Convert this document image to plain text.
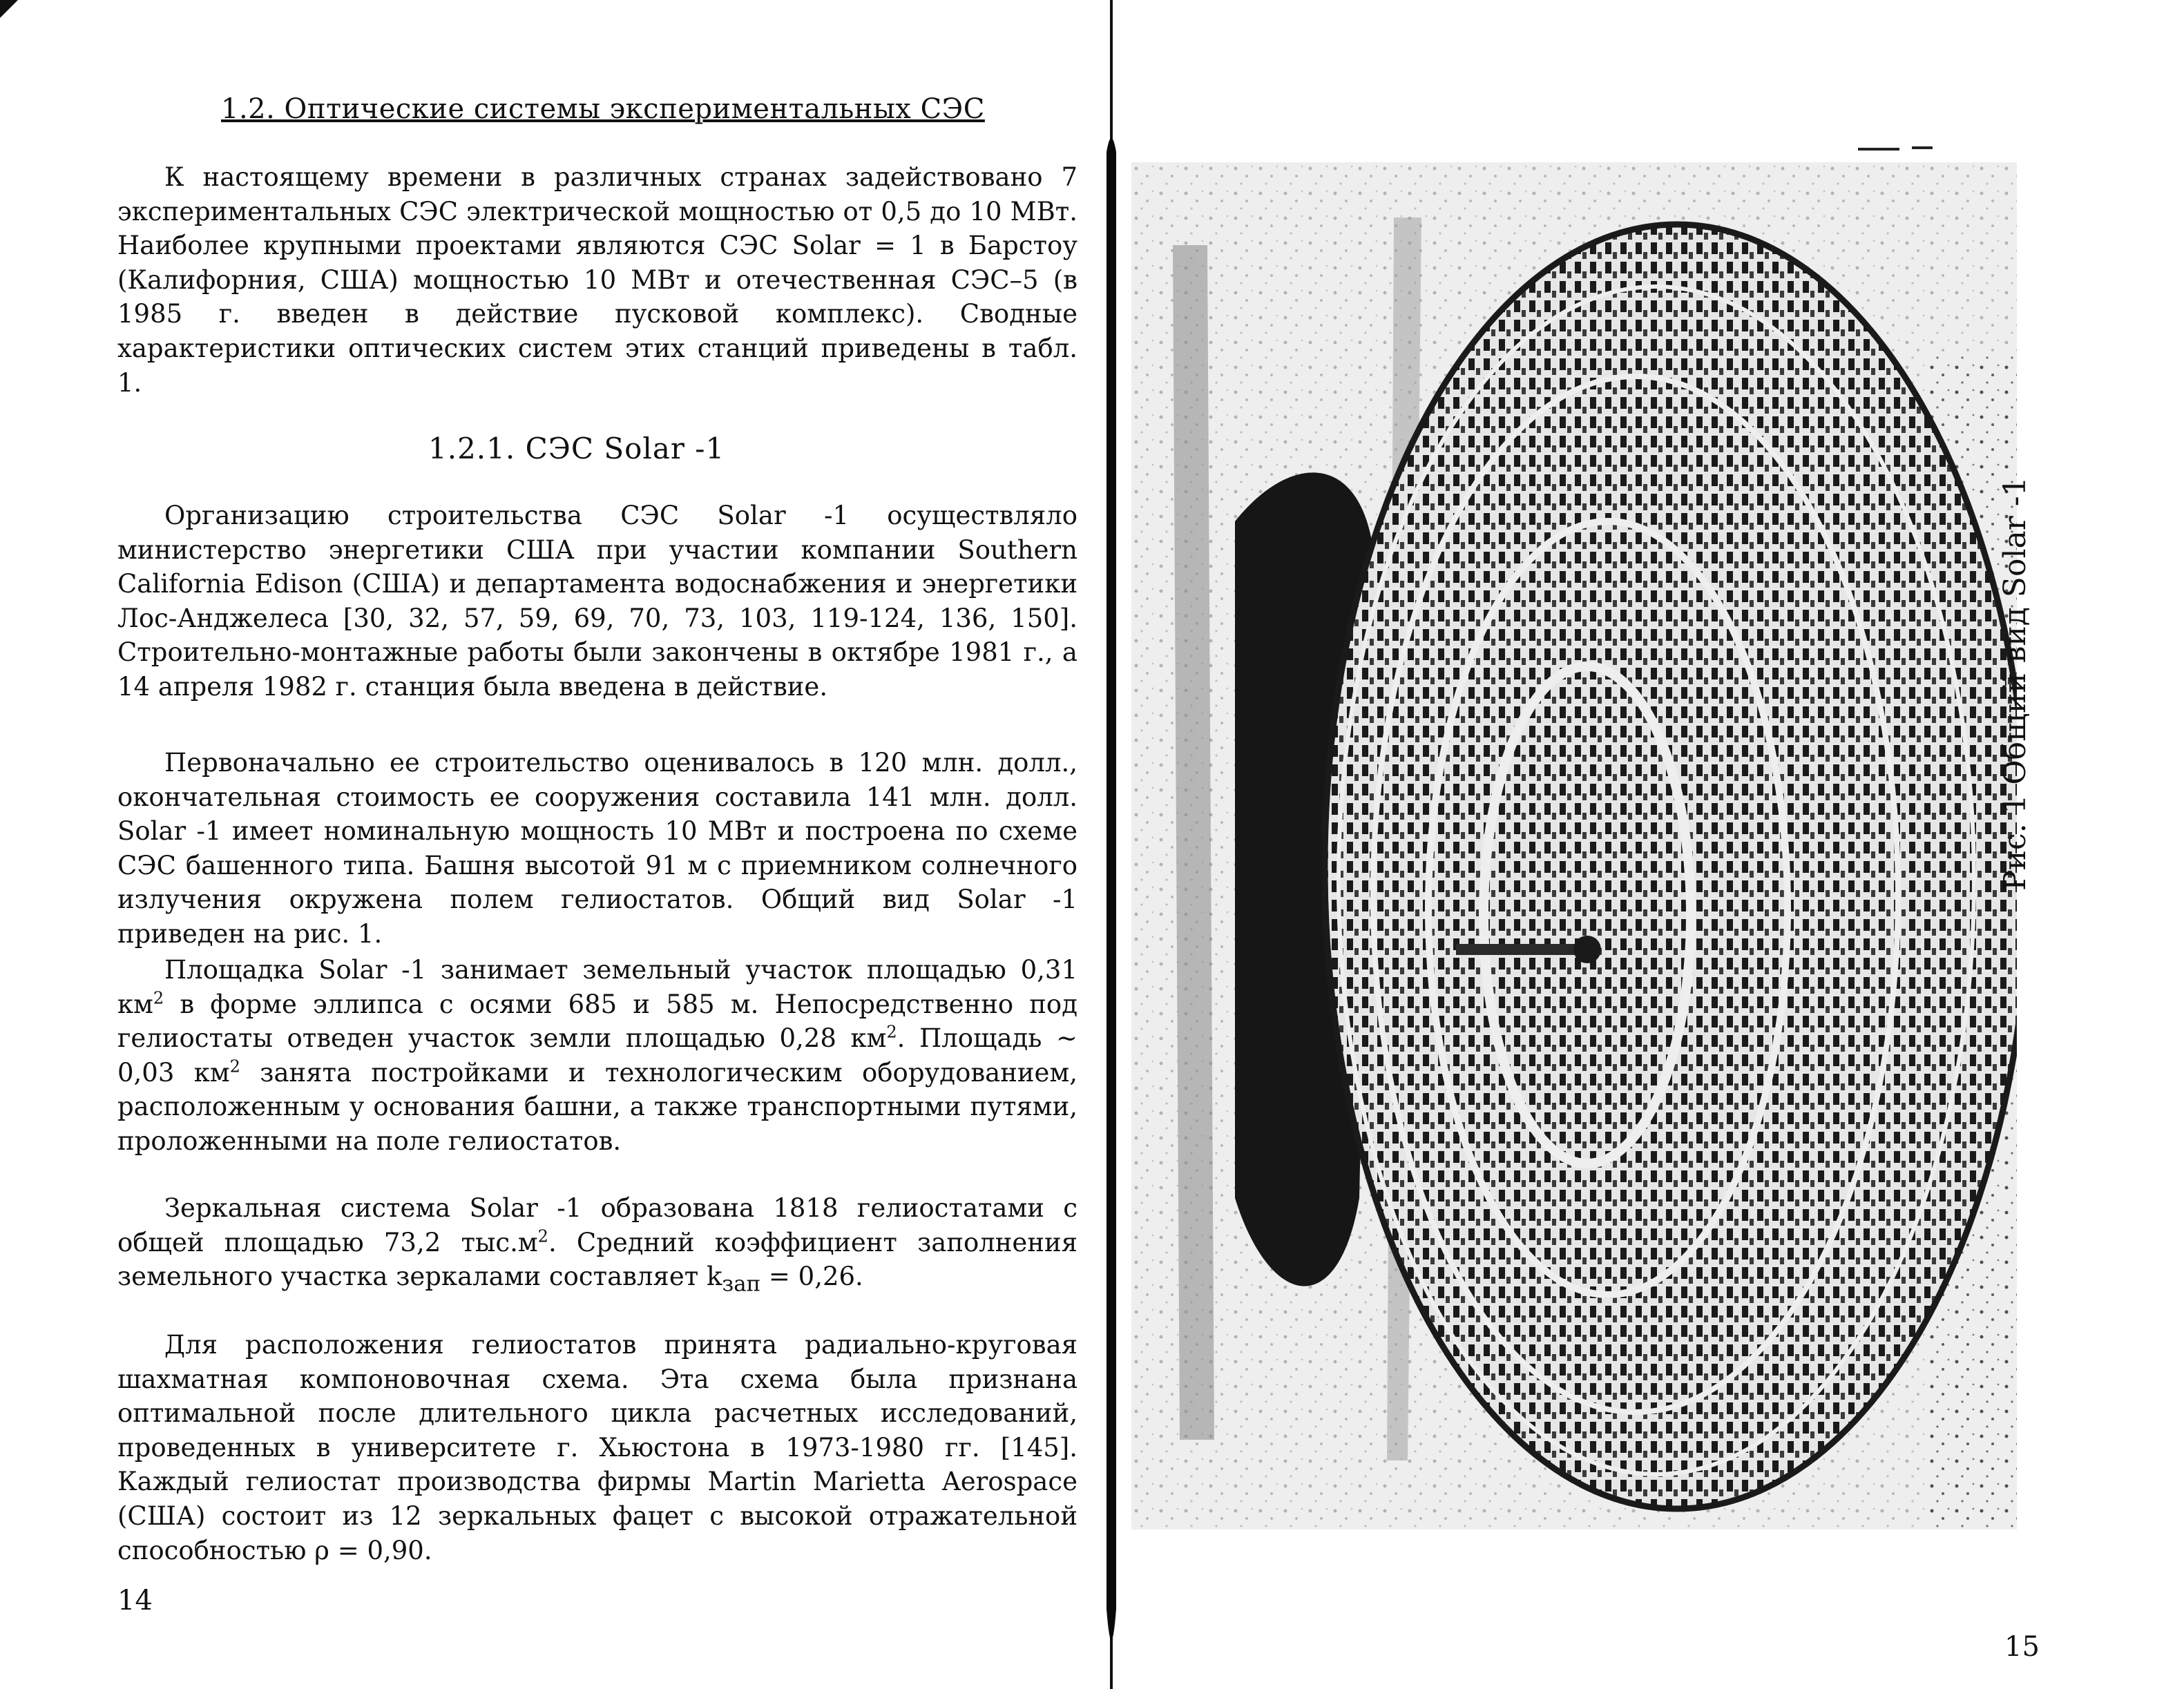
1.2. Оптические системы экспериментальных СЭС

К настоящему времени в различных странах задействовано 7 экспериментальных СЭС электрической мощностью от 0,5 до 10 МВт. Наиболее крупными проектами являются СЭС Solar = 1 в Барстоу (Калифорния, США) мощностью 10 МВт и отечественная СЭС–5 (в 1985 г. введен в действие пусковой комплекс). Сводные характеристики оптических систем этих станций приведены в табл. 1.

1.2.1. СЭС Solar -1

Организацию строительства СЭС Solar -1 осуществляло министерство энергетики США при участии компании Southern California Edison (США) и департамента водоснабжения и энергетики Лос-Анджелеса [30, 32, 57, 59, 69, 70, 73, 103, 119-124, 136, 150]. Строительно-монтажные работы были закончены в октябре 1981 г., а 14 апреля 1982 г. станция была введена в действие.

Первоначально ее строительство оценивалось в 120 млн. долл., окончательная стоимость ее сооружения составила 141 млн. долл. Solar -1 имеет номинальную мощность 10 МВт и построена по схеме СЭС башенного типа. Башня высотой 91 м с приемником солнечного излучения окружена полем гелиостатов. Общий вид Solar -1 приведен на рис. 1.

Площадка Solar -1 занимает земельный участок площадью 0,31 $км^2$ в форме эллипса с осями 685 и 585 м. Непосредственно под гелиостаты отведен участок земли площадью 0,28 $км^2$. Площадь ~ 0,03 $км^2$ занята постройками и технологическим оборудованием, расположенным у основания башни, а также транспортными путями, проложенными на поле гелиостатов.

Зеркальная система Solar -1 образована 1818 гелиостатами с общей площадью 73,2 $тыс.м^2$. Средний коэффициент заполнения земельного участка зеркалами составляет $k_{зап} = 0,26$.

Для расположения гелиостатов принята радиально-круговая шахматная компоновочная схема. Эта схема была признана оптимальной после длительного цикла расчетных исследований, проведенных в университете г. Хьюстона в 1973-1980 гг. [145]. Каждый гелиостат производства фирмы Martin Marietta Aerospace (США) состоит из 12 зеркальных фацет с высокой отражательной способностью ρ = 0,90.

14
Рис. 1 Общий вид Solar -1
15
